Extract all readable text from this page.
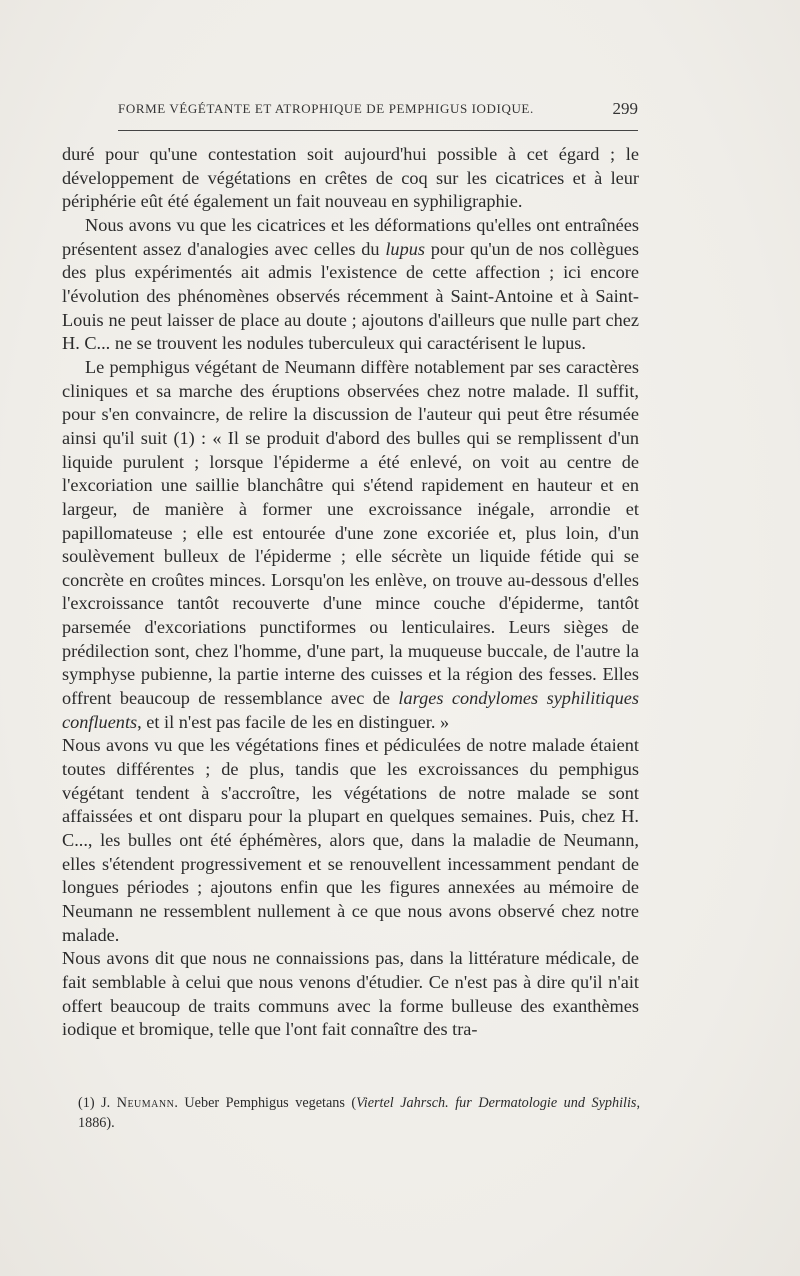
FORME VÉGÉTANTE ET ATROPHIQUE DE PEMPHIGUS IODIQUE.	299

duré pour qu'une contestation soit aujourd'hui possible à cet égard ; le développement de végétations en crêtes de coq sur les cicatrices et à leur périphérie eût été également un fait nouveau en syphiligraphie.

Nous avons vu que les cicatrices et les déformations qu'elles ont entraînées présentent assez d'analogies avec celles du lupus pour qu'un de nos collègues des plus expérimentés ait admis l'existence de cette affection ; ici encore l'évolution des phénomènes observés récemment à Saint-Antoine et à Saint-Louis ne peut laisser de place au doute ; ajoutons d'ailleurs que nulle part chez H. C... ne se trouvent les nodules tuberculeux qui caractérisent le lupus.

Le pemphigus végétant de Neumann diffère notablement par ses caractères cliniques et sa marche des éruptions observées chez notre malade. Il suffit, pour s'en convaincre, de relire la discussion de l'auteur qui peut être résumée ainsi qu'il suit (1) : « Il se produit d'abord des bulles qui se remplissent d'un liquide purulent ; lorsque l'épiderme a été enlevé, on voit au centre de l'excoriation une saillie blanchâtre qui s'étend rapidement en hauteur et en largeur, de manière à former une excroissance inégale, arrondie et papillomateuse ; elle est entourée d'une zone excoriée et, plus loin, d'un soulèvement bulleux de l'épiderme ; elle sécrète un liquide fétide qui se concrète en croûtes minces. Lorsqu'on les enlève, on trouve au-dessous d'elles l'excroissance tantôt recouverte d'une mince couche d'épiderme, tantôt parsemée d'excoriations punctiformes ou lenticulaires. Leurs sièges de prédilection sont, chez l'homme, d'une part, la muqueuse buccale, de l'autre la symphyse pubienne, la partie interne des cuisses et la région des fesses. Elles offrent beaucoup de ressemblance avec de larges condylomes syphilitiques confluents, et il n'est pas facile de les en distinguer. »

Nous avons vu que les végétations fines et pédiculées de notre malade étaient toutes différentes ; de plus, tandis que les excroissances du pemphigus végétant tendent à s'accroître, les végétations de notre malade se sont affaissées et ont disparu pour la plupart en quelques semaines. Puis, chez H. C..., les bulles ont été éphémères, alors que, dans la maladie de Neumann, elles s'étendent progressivement et se renouvellent incessamment pendant de longues périodes ; ajoutons enfin que les figures annexées au mémoire de Neumann ne ressemblent nullement à ce que nous avons observé chez notre malade.

Nous avons dit que nous ne connaissions pas, dans la littérature médicale, de fait semblable à celui que nous venons d'étudier. Ce n'est pas à dire qu'il n'ait offert beaucoup de traits communs avec la forme bulleuse des exanthèmes iodique et bromique, telle que l'ont fait connaître des tra-

(1) J. Neumann. Ueber Pemphigus vegetans (Viertel Jahrsch. fur Dermatologie und Syphilis, 1886).
